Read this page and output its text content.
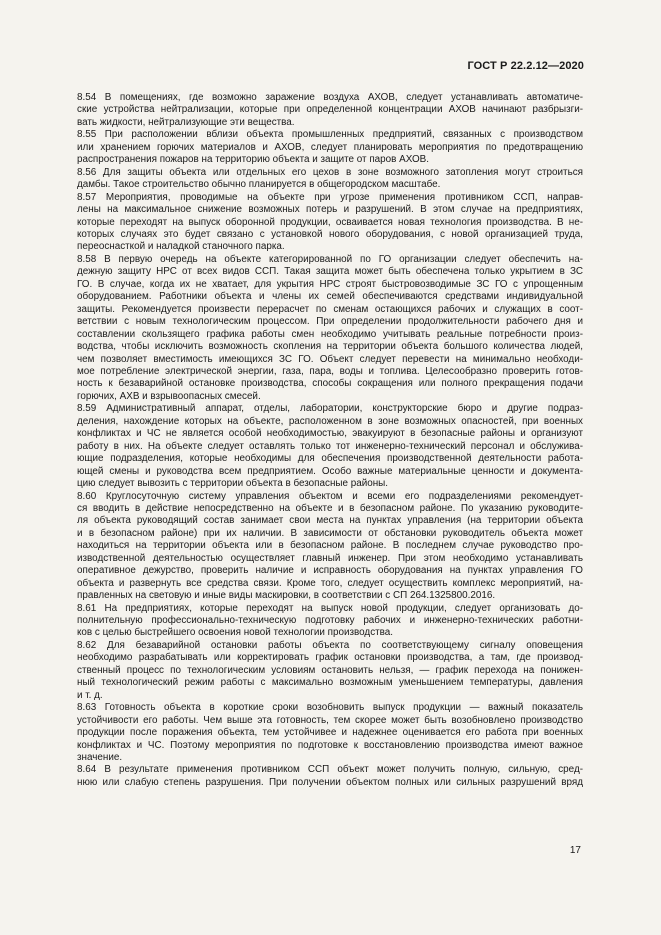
ГОСТ Р 22.2.12—2020
8.54 В помещениях, где возможно заражение воздуха АХОВ, следует устанавливать автоматиче-
ские устройства нейтрализации, которые при определенной концентрации АХОВ начинают разбрызги-
вать жидкости, нейтрализующие эти вещества.
8.55 При расположении вблизи объекта промышленных предприятий, связанных с производством
или хранением горючих материалов и АХОВ, следует планировать мероприятия по предотвращению
распространения пожаров на территорию объекта и защите от паров АХОВ.
8.56 Для защиты объекта или отдельных его цехов в зоне возможного затопления могут строиться
дамбы. Такое строительство обычно планируется в общегородском масштабе.
8.57 Мероприятия, проводимые на объекте при угрозе применения противником ССП, направ-
лены на максимальное снижение возможных потерь и разрушений. В этом случае на предприятиях,
которые переходят на выпуск оборонной продукции, осваивается новая технология производства. В не-
которых случаях это будет связано с установкой нового оборудования, с новой организацией труда,
переоснасткой и наладкой станочного парка.
8.58 В первую очередь на объекте категорированной по ГО организации следует обеспечить на-
дежную защиту НРС от всех видов ССП. Такая защита может быть обеспечена только укрытием в ЗС
ГО. В случае, когда их не хватает, для укрытия НРС строят быстровозводимые ЗС ГО с упрощенным
оборудованием. Работники объекта и члены их семей обеспечиваются средствами индивидуальной
защиты. Рекомендуется произвести перерасчет по сменам остающихся рабочих и служащих в соот-
ветствии с новым технологическим процессом. При определении продолжительности рабочего дня и
составлении скользящего графика работы смен необходимо учитывать реальные потребности произ-
водства, чтобы исключить возможность скопления на территории объекта большого количества людей,
чем позволяет вместимость имеющихся ЗС ГО. Объект следует перевести на минимально необходи-
мое потребление электрической энергии, газа, пара, воды и топлива. Целесообразно проверить готов-
ность к безаварийной остановке производства, способы сокращения или полного прекращения подачи
горючих, АХВ и взрывоопасных смесей.
8.59 Административный аппарат, отделы, лаборатории, конструкторские бюро и другие подраз-
деления, нахождение которых на объекте, расположенном в зоне возможных опасностей, при военных
конфликтах и ЧС не является особой необходимостью, эвакуируют в безопасные районы и организуют
работу в них. На объекте следует оставлять только тот инженерно-технический персонал и обслужива-
ющие подразделения, которые необходимы для обеспечения производственной деятельности работа-
ющей смены и руководства всем предприятием. Особо важные материальные ценности и документа-
цию следует вывозить с территории объекта в безопасные районы.
8.60 Круглосуточную систему управления объектом и всеми его подразделениями рекомендует-
ся вводить в действие непосредственно на объекте и в безопасном районе. По указанию руководите-
ля объекта руководящий состав занимает свои места на пунктах управления (на территории объекта
и в безопасном районе) при их наличии. В зависимости от обстановки руководитель объекта может
находиться на территории объекта или в безопасном районе. В последнем случае руководство про-
изводственной деятельностью осуществляет главный инженер. При этом необходимо устанавливать
оперативное дежурство, проверить наличие и исправность оборудования на пунктах управления ГО
объекта и развернуть все средства связи. Кроме того, следует осуществить комплекс мероприятий, на-
правленных на световую и иные виды маскировки, в соответствии с СП 264.1325800.2016.
8.61 На предприятиях, которые переходят на выпуск новой продукции, следует организовать до-
полнительную профессионально-техническую подготовку рабочих и инженерно-технических работни-
ков с целью быстрейшего освоения новой технологии производства.
8.62 Для безаварийной остановки работы объекта по соответствующему сигналу оповещения
необходимо разрабатывать или корректировать график остановки производства, а там, где производ-
ственный процесс по технологическим условиям остановить нельзя, — график перехода на понижен-
ный технологический режим работы с максимально возможным уменьшением температуры, давления
и т. д.
8.63 Готовность объекта в короткие сроки возобновить выпуск продукции — важный показатель
устойчивости его работы. Чем выше эта готовность, тем скорее может быть возобновлено производство
продукции после поражения объекта, тем устойчивее и надежнее оценивается его работа при военных
конфликтах и ЧС. Поэтому мероприятия по подготовке к восстановлению производства имеют важное
значение.
8.64 В результате применения противником ССП объект может получить полную, сильную, сред-
нюю или слабую степень разрушения. При получении объектом полных или сильных разрушений вряд
17
